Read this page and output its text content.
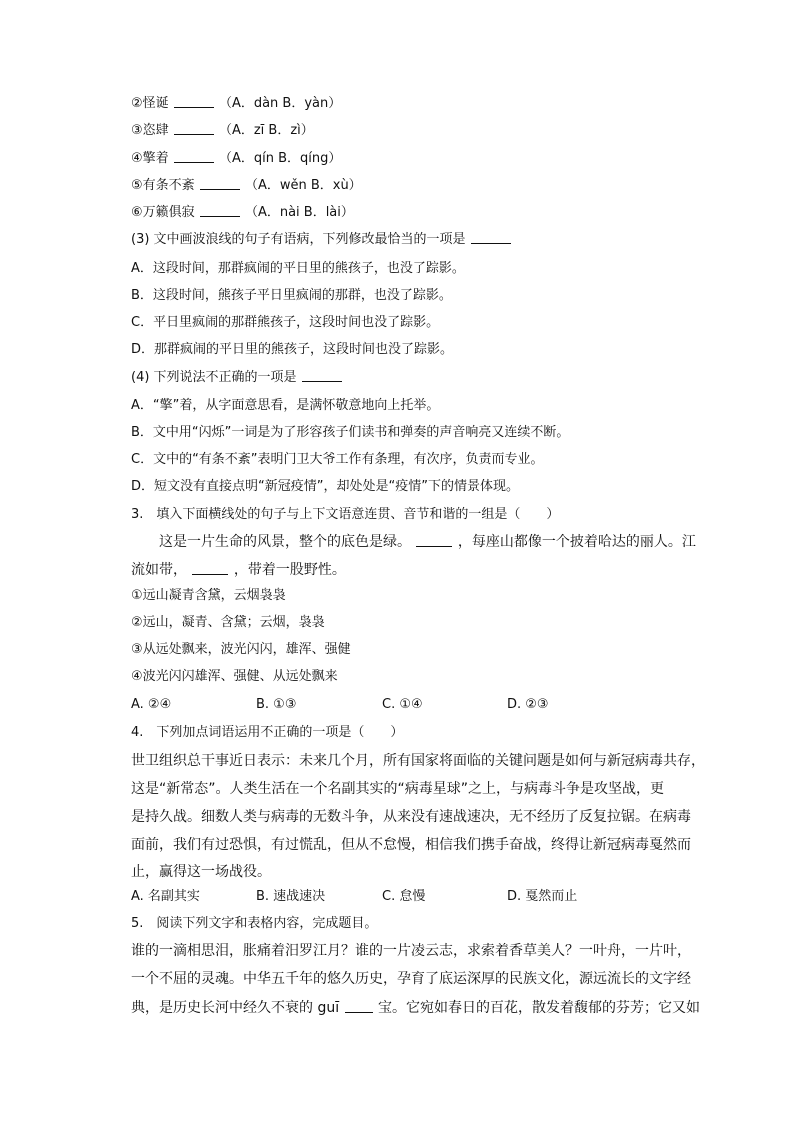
②怪诞	（A．dàn B．yàn）
③恣肆	（A．zī B．zì）
④擎着	（A．qín B．qíng）
⑤有条不紊	（A．wěn B．xù）
⑥万籁俱寂	（A．nài B．lài）
(3) 文中画波浪线的句子有语病，下列修改最恰当的一项是
A．这段时间，那群疯闹的平日里的熊孩子，也没了踪影。
B．这段时间，熊孩子平日里疯闹的那群，也没了踪影。
C．平日里疯闹的那群熊孩子，这段时间也没了踪影。
D．那群疯闹的平日里的熊孩子，这段时间也没了踪影。
(4) 下列说法不正确的一项是
A．“擎”着，从字面意思看，是满怀敬意地向上托举。
B．文中用“闪烁”一词是为了形容孩子们读书和弹奏的声音响亮又连续不断。
C．文中的“有条不紊”表明门卫大爷工作有条理，有次序，负责而专业。
D．短文没有直接点明“新冠疫情”，却处处是“疫情”下的情景体现。
3.　填入下面横线处的句子与上下文语意连贯、音节和谐的一组是（　　）
这是一片生命的风景，整个的底色是绿。	，每座山都像一个披着哈达的丽人。江
流如带，	，带着一股野性。
①远山凝青含黛，云烟袅袅
②远山，凝青、含黛；云烟，袅袅
③从远处飘来，波光闪闪，雄浑、强健
④波光闪闪雄浑、强健、从远处飘来
A. ②④	B. ①③	C. ①④	D. ②③
4.　下列加点词语运用不正确的一项是（　　）
世卫组织总干事近日表示：未来几个月，所有国家将面临的关键问题是如何与新冠病毒共存，
这是“新常态”。人类生活在一个名副其实的“病毒星球”之上，与病毒斗争是攻坚战，更
是持久战。细数人类与病毒的无数斗争，从来没有速战速决，无不经历了反复拉锯。在病毒
面前，我们有过恐惧，有过慌乱，但从不怠慢，相信我们携手奋战，终得让新冠病毒戛然而
止，赢得这一场战役。
A. 名副其实	B. 速战速决	C. 怠慢	D. 戛然而止
5.　阅读下列文字和表格内容，完成题目。
谁的一滴相思泪，胀痛着汨罗江月？谁的一片凌云志，求索着香草美人？一叶舟，一片叶，
一个不屈的灵魂。中华五千年的悠久历史，孕育了底运深厚的民族文化，源远流长的文字经
典，是历史长河中经久不衰的 guī	宝。它宛如春日的百花，散发着馥郁的芬芳；它又如
